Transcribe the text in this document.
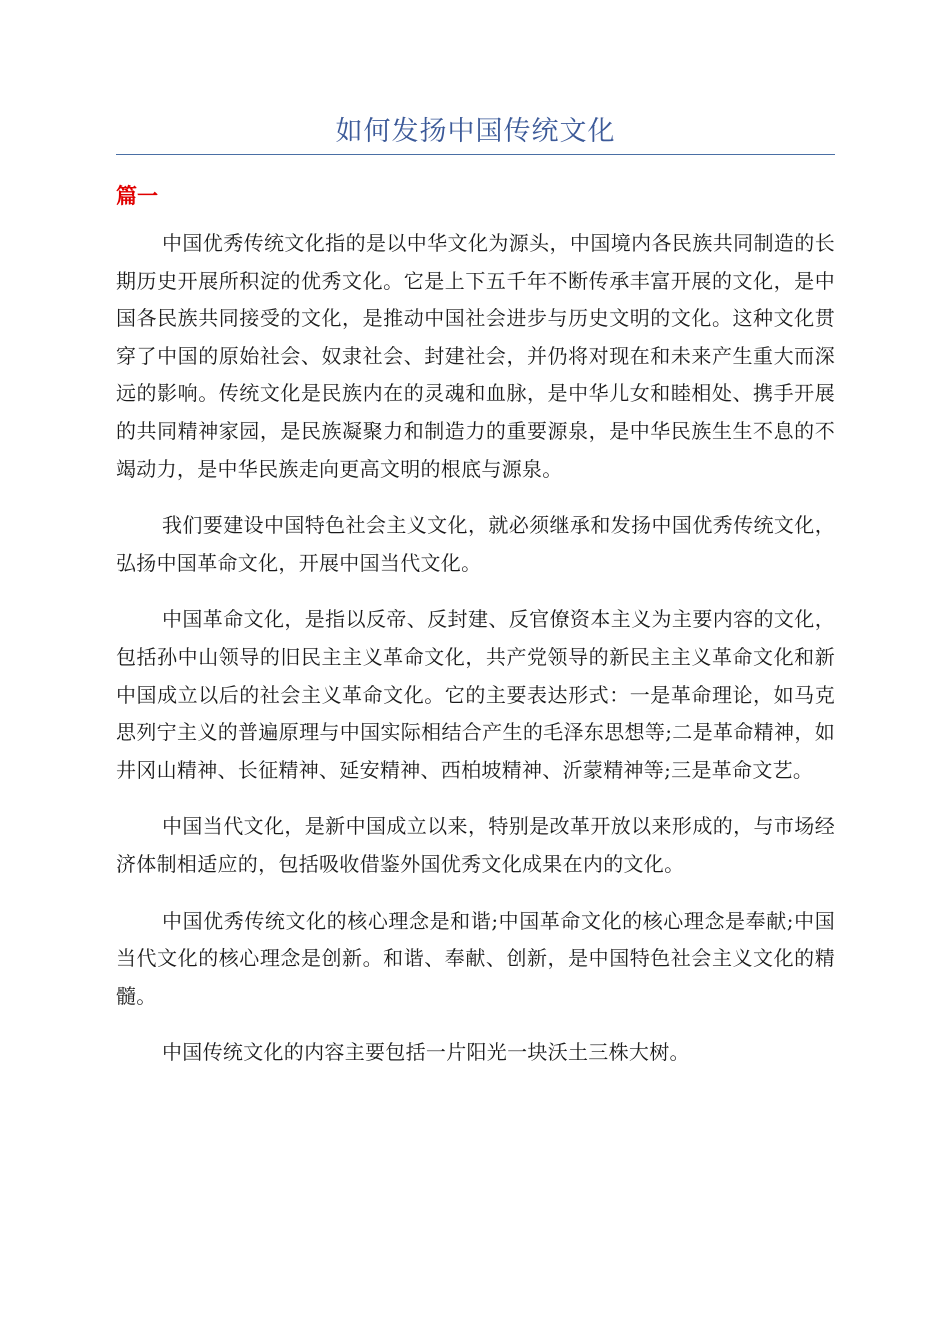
如何发扬中国传统文化
篇一

中国优秀传统文化指的是以中华文化为源头，中国境内各民族共同制造的长期历史开展所积淀的优秀文化。它是上下五千年不断传承丰富开展的文化，是中国各民族共同接受的文化，是推动中国社会进步与历史文明的文化。这种文化贯穿了中国的原始社会、奴隶社会、封建社会，并仍将对现在和未来产生重大而深远的影响。传统文化是民族内在的灵魂和血脉，是中华儿女和睦相处、携手开展的共同精神家园，是民族凝聚力和制造力的重要源泉，是中华民族生生不息的不竭动力，是中华民族走向更高文明的根底与源泉。

我们要建设中国特色社会主义文化，就必须继承和发扬中国优秀传统文化，弘扬中国革命文化，开展中国当代文化。

中国革命文化，是指以反帝、反封建、反官僚资本主义为主要内容的文化，包括孙中山领导的旧民主主义革命文化，共产党领导的新民主主义革命文化和新中国成立以后的社会主义革命文化。它的主要表达形式：一是革命理论，如马克思列宁主义的普遍原理与中国实际相结合产生的毛泽东思想等;二是革命精神，如井冈山精神、长征精神、延安精神、西柏坡精神、沂蒙精神等;三是革命文艺。

中国当代文化，是新中国成立以来，特别是改革开放以来形成的，与市场经济体制相适应的，包括吸收借鉴外国优秀文化成果在内的文化。

中国优秀传统文化的核心理念是和谐;中国革命文化的核心理念是奉献;中国当代文化的核心理念是创新。和谐、奉献、创新，是中国特色社会主义文化的精髓。

中国传统文化的内容主要包括一片阳光一块沃土三株大树。
